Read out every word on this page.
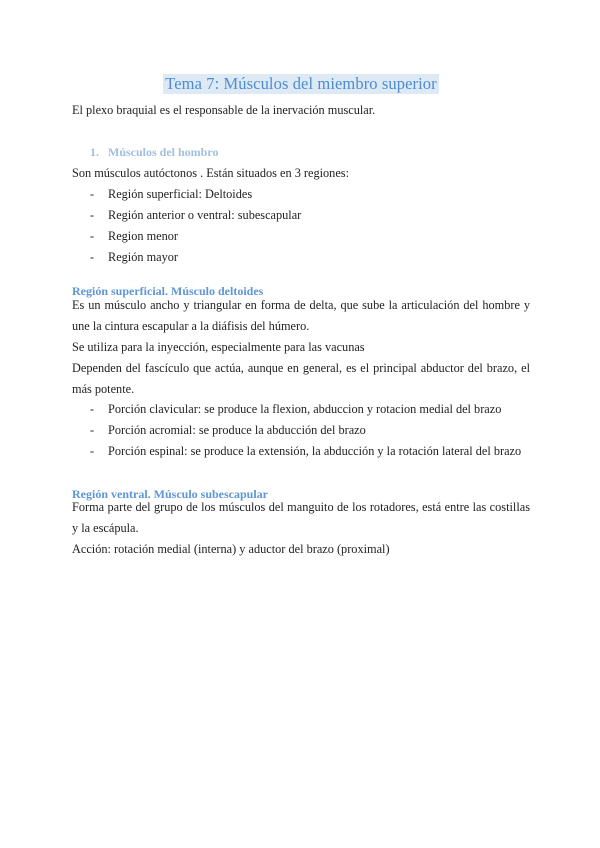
Tema 7: Músculos del miembro superior

El plexo braquial es el responsable de la inervación muscular.

1. Músculos del hombro

Son músculos autóctonos . Están situados en 3 regiones:

- Región superficial: Deltoides
- Región anterior o ventral: subescapular
- Region menor
- Región mayor
Región superficial. Músculo deltoides

Es un músculo ancho y triangular en forma de delta, que sube la articulación del hombre y une la cintura escapular a la diáfisis del húmero.

Se utiliza para la inyección, especialmente para las vacunas

Dependen del fascículo que actúa, aunque en general, es el principal abductor del brazo, el más potente.

- Porción clavicular: se produce la flexion, abduccion y rotacion medial del brazo
- Porción acromial: se produce la abducción del brazo
- Porción espinal: se produce la extensión, la abducción y la rotación lateral del brazo
Región ventral. Músculo subescapular

Forma parte del grupo de los músculos del manguito de los rotadores, está entre las costillas y la escápula.

Acción: rotación medial (interna) y aductor del brazo (proximal)
